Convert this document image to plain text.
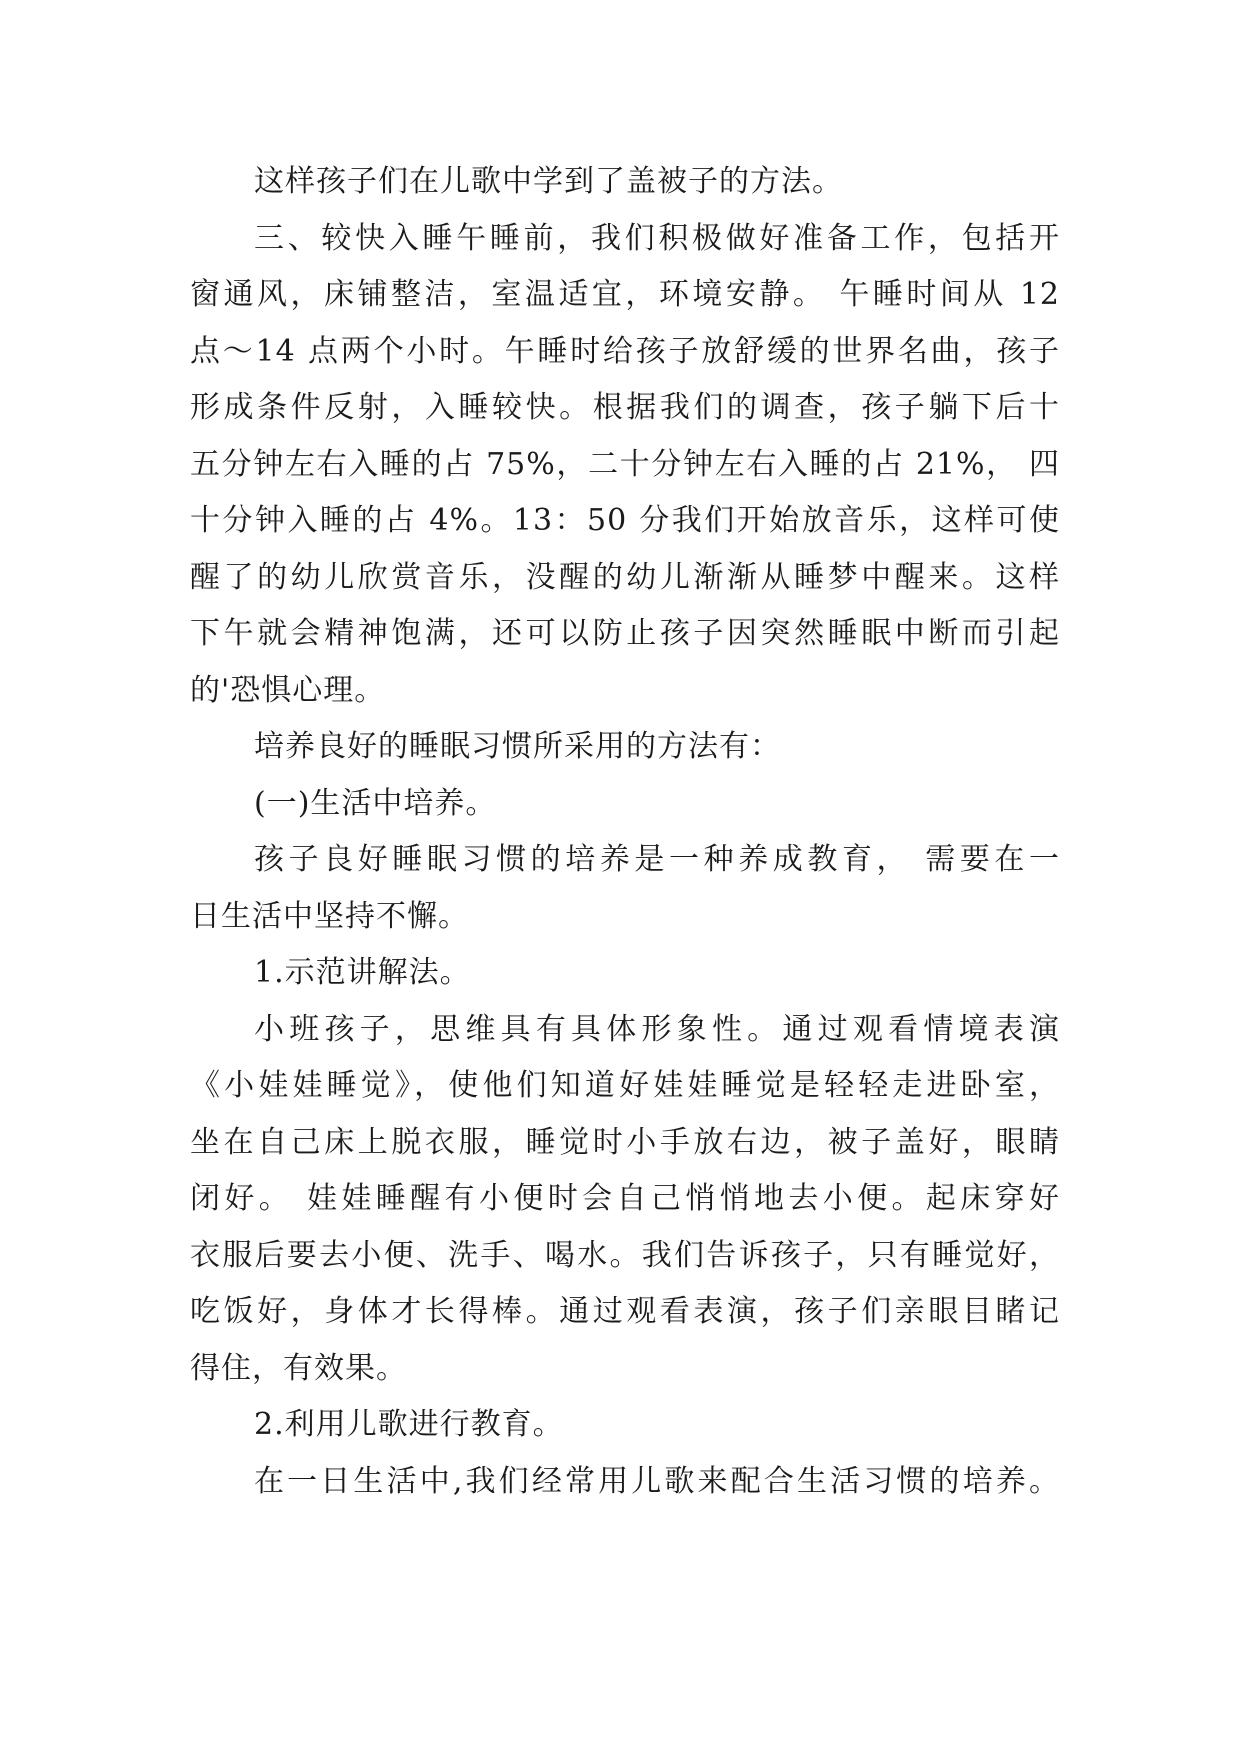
这样孩子们在儿歌中学到了盖被子的方法。
三、较快入睡午睡前，我们积极做好准备工作，包括开
窗通风，床铺整洁，室温适宜，环境安静。 午睡时间从 12
点～14 点两个小时。午睡时给孩子放舒缓的世界名曲，孩子
形成条件反射，入睡较快。根据我们的调查，孩子躺下后十
五分钟左右入睡的占 75%，二十分钟左右入睡的占 21%， 四
十分钟入睡的占 4%。13：50 分我们开始放音乐，这样可使
醒了的幼儿欣赏音乐，没醒的幼儿渐渐从睡梦中醒来。这样
下午就会精神饱满，还可以防止孩子因突然睡眠中断而引起
的'恐惧心理。
培养良好的睡眠习惯所采用的方法有：
(一)生活中培养。
孩子良好睡眠习惯的培养是一种养成教育， 需要在一
日生活中坚持不懈。
1.示范讲解法。
小班孩子，思维具有具体形象性。通过观看情境表演
《小娃娃睡觉》，使他们知道好娃娃睡觉是轻轻走进卧室，
坐在自己床上脱衣服，睡觉时小手放右边，被子盖好，眼睛
闭好。 娃娃睡醒有小便时会自己悄悄地去小便。起床穿好
衣服后要去小便、洗手、喝水。我们告诉孩子，只有睡觉好，
吃饭好，身体才长得棒。通过观看表演，孩子们亲眼目睹记
得住，有效果。
2.利用儿歌进行教育。
在一日生活中,我们经常用儿歌来配合生活习惯的培养。
